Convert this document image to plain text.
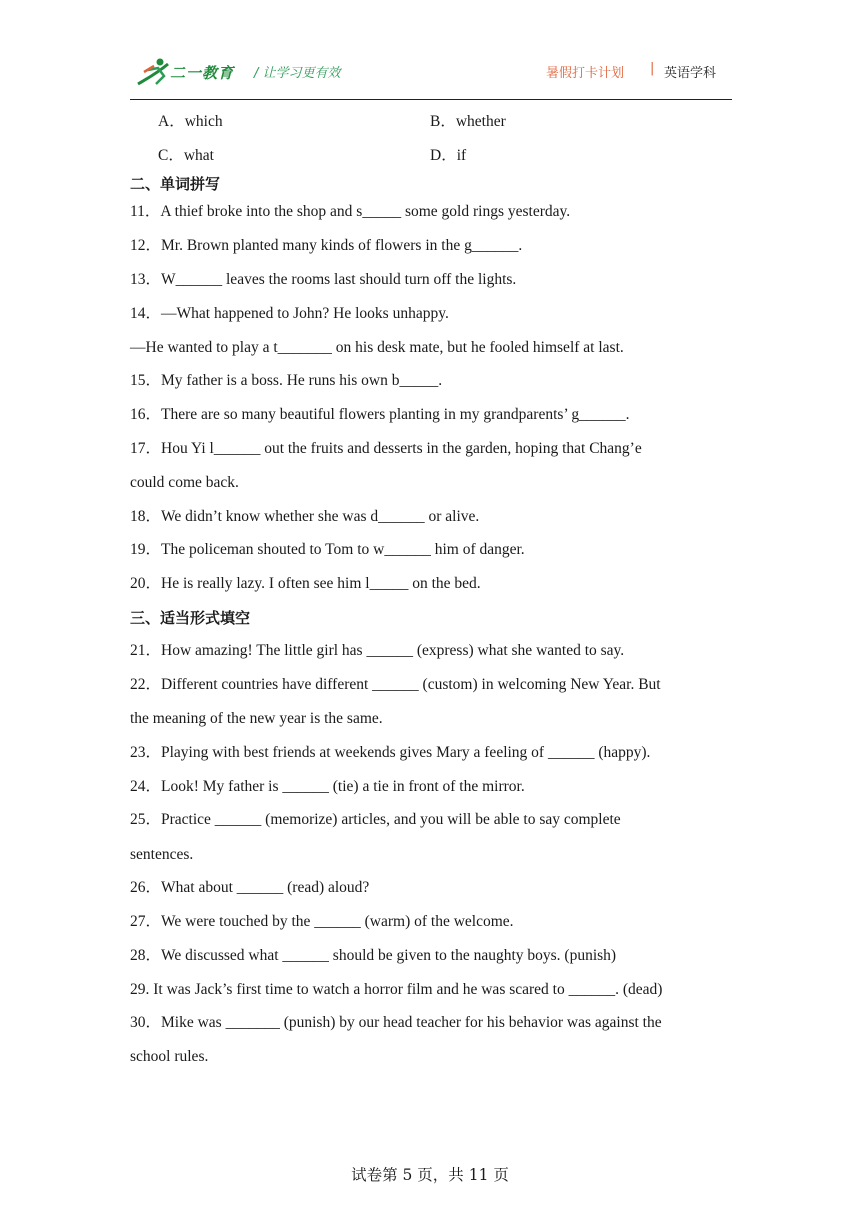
二一教育 / 让学习更有效	暑假打卡计划 | 英语学科
A．which	B．whether
C．what	D．if
二、单词拼写
11．A thief broke into the shop and s_____ some gold rings yesterday.
12．Mr. Brown planted many kinds of flowers in the g______.
13．W______ leaves the rooms last should turn off the lights.
14．—What happened to John? He looks unhappy.
—He wanted to play a t_______ on his desk mate, but he fooled himself at last.
15．My father is a boss. He runs his own b_____.
16．There are so many beautiful flowers planting in my grandparents’ g______.
17．Hou Yi l______ out the fruits and desserts in the garden, hoping that Chang’e
could come back.
18．We didn’t know whether she was d______ or alive.
19．The policeman shouted to Tom to w______ him of danger.
20．He is really lazy. I often see him l_____ on the bed.
三、适当形式填空
21．How amazing! The little girl has ______ (express) what she wanted to say.
22．Different countries have different ______ (custom) in welcoming New Year. But
the meaning of the new year is the same.
23．Playing with best friends at weekends gives Mary a feeling of ______ (happy).
24．Look! My father is ______ (tie) a tie in front of the mirror.
25．Practice ______ (memorize) articles, and you will be able to say complete
sentences.
26．What about ______ (read) aloud?
27．We were touched by the ______ (warm) of the welcome.
28．We discussed what ______ should be given to the naughty boys. (punish)
29. It was Jack’s first time to watch a horror film and he was scared to ______. (dead)
30．Mike was _______ (punish) by our head teacher for his behavior was against the
school rules.
试卷第 5 页，共 11 页
